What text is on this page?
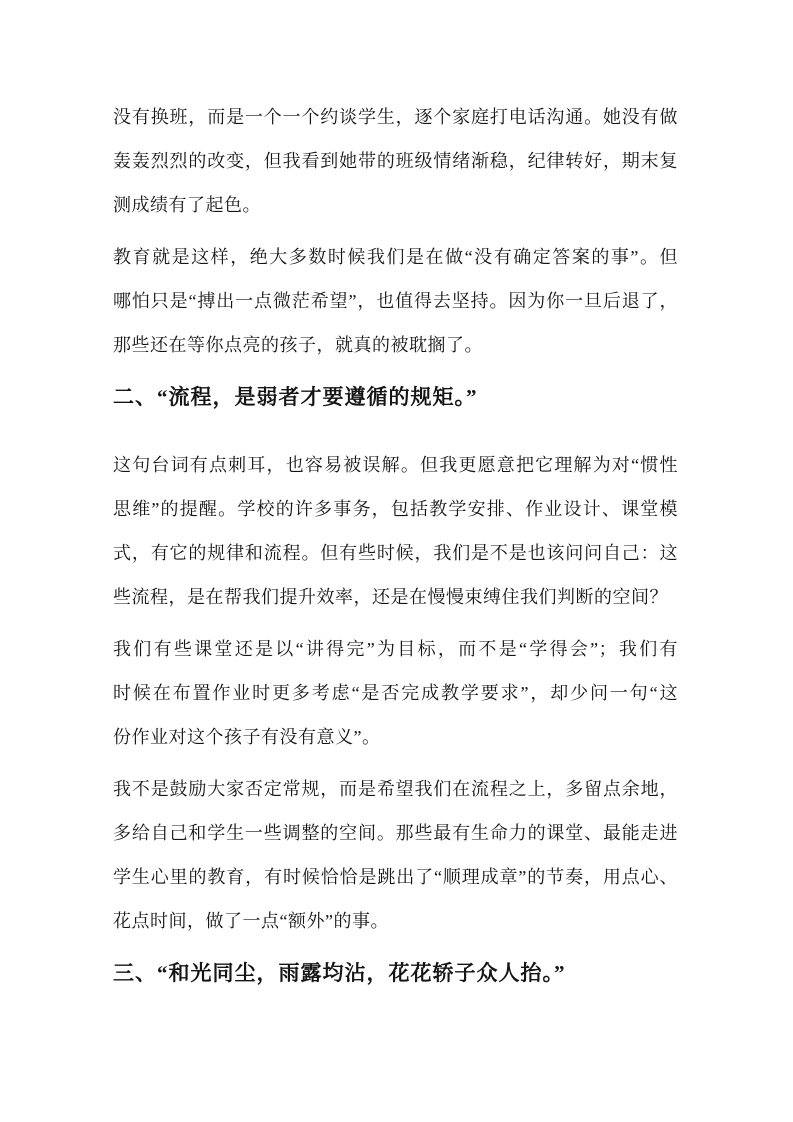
没有换班，而是一个一个约谈学生，逐个家庭打电话沟通。她没有做
轰轰烈烈的改变，但我看到她带的班级情绪渐稳，纪律转好，期末复
测成绩有了起色。
教育就是这样，绝大多数时候我们是在做“没有确定答案的事”。但
哪怕只是“搏出一点微茫希望”，也值得去坚持。因为你一旦后退了，
那些还在等你点亮的孩子，就真的被耽搁了。
二、“流程，是弱者才要遵循的规矩。”
这句台词有点刺耳，也容易被误解。但我更愿意把它理解为对“惯性
思维”的提醒。学校的许多事务，包括教学安排、作业设计、课堂模
式，有它的规律和流程。但有些时候，我们是不是也该问问自己：这
些流程，是在帮我们提升效率，还是在慢慢束缚住我们判断的空间？
我们有些课堂还是以“讲得完”为目标，而不是“学得会”；我们有
时候在布置作业时更多考虑“是否完成教学要求”，却少问一句“这
份作业对这个孩子有没有意义”。
我不是鼓励大家否定常规，而是希望我们在流程之上，多留点余地，
多给自己和学生一些调整的空间。那些最有生命力的课堂、最能走进
学生心里的教育，有时候恰恰是跳出了“顺理成章”的节奏，用点心、
花点时间，做了一点“额外”的事。
三、“和光同尘，雨露均沾，花花轿子众人抬。”
